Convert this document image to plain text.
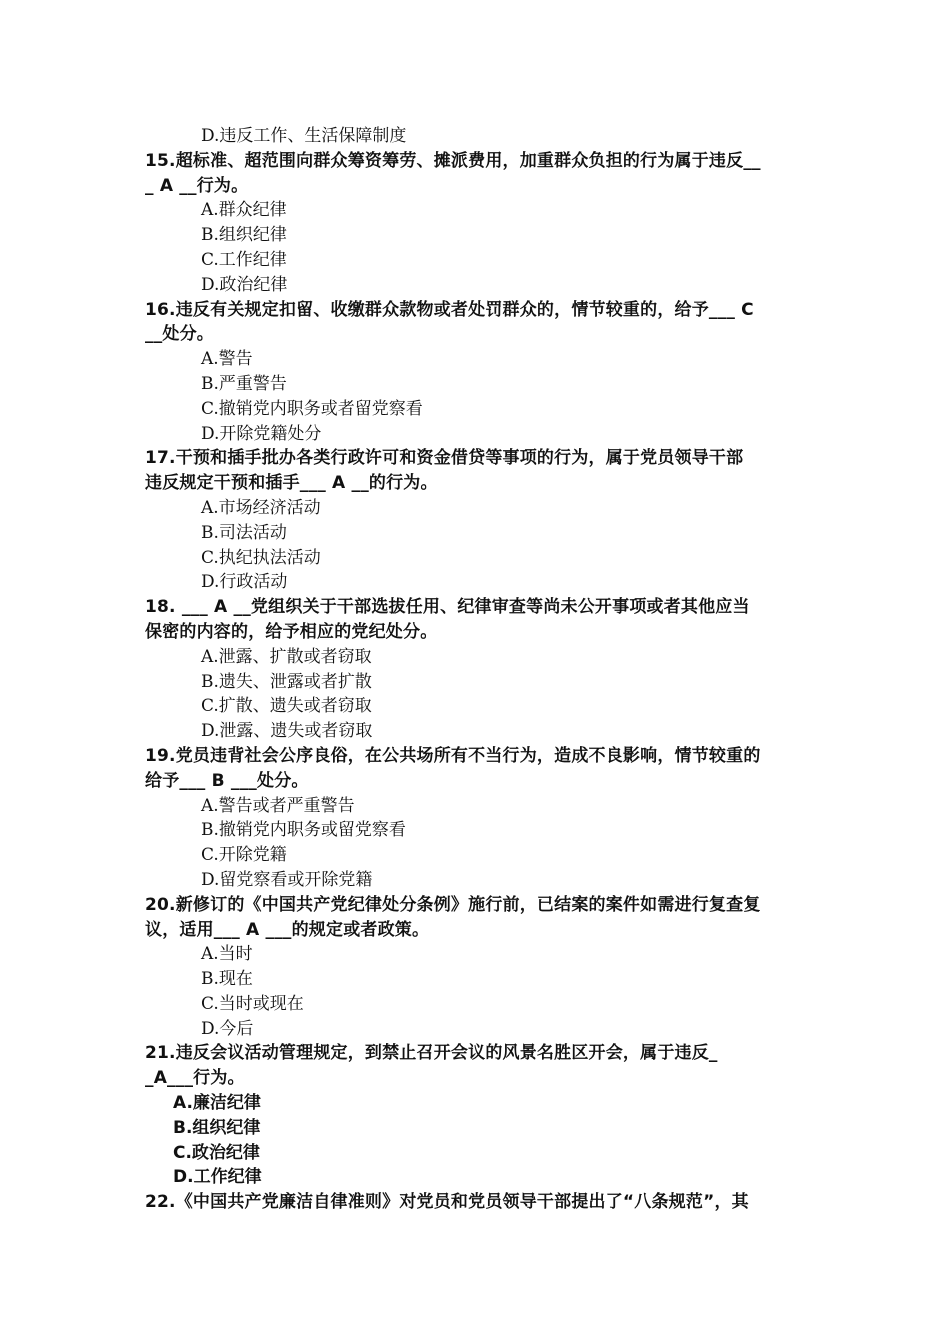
D.违反工作、生活保障制度
15.超标准、超范围向群众筹资筹劳、摊派费用，加重群众负担的行为属于违反__
_ A __行为。
A.群众纪律
B.组织纪律
C.工作纪律
D.政治纪律
16.违反有关规定扣留、收缴群众款物或者处罚群众的，情节较重的，给予___ C
__处分。
A.警告
B.严重警告
C.撤销党内职务或者留党察看
D.开除党籍处分
17.干预和插手批办各类行政许可和资金借贷等事项的行为，属于党员领导干部
违反规定干预和插手___ A __的行为。
A.市场经济活动
B.司法活动
C.执纪执法活动
D.行政活动
18. ___ A __党组织关于干部选拔任用、纪律审查等尚未公开事项或者其他应当
保密的内容的，给予相应的党纪处分。
A.泄露、扩散或者窃取
B.遗失、泄露或者扩散
C.扩散、遗失或者窃取
D.泄露、遗失或者窃取
19.党员违背社会公序良俗，在公共场所有不当行为，造成不良影响，情节较重的
给予___ B ___处分。
A.警告或者严重警告
B.撤销党内职务或留党察看
C.开除党籍
D.留党察看或开除党籍
20.新修订的《中国共产党纪律处分条例》施行前，已结案的案件如需进行复查复
议，适用___ A ___的规定或者政策。
A.当时
B.现在
C.当时或现在
D.今后
21.违反会议活动管理规定，到禁止召开会议的风景名胜区开会，属于违反_
_A___行为。
A.廉洁纪律
B.组织纪律
C.政治纪律
D.工作纪律
22.《中国共产党廉洁自律准则》对党员和党员领导干部提出了“八条规范”，其
